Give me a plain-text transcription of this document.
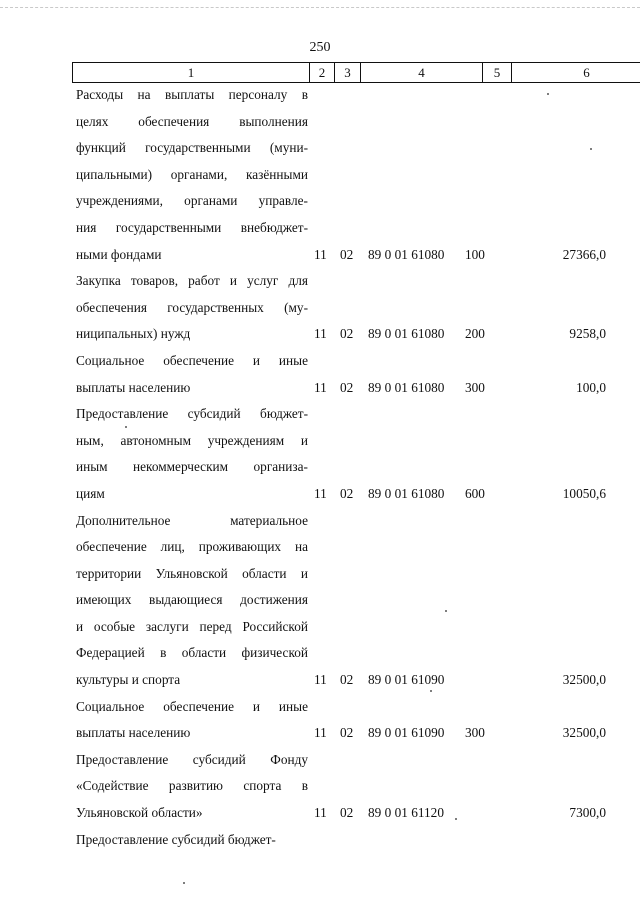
250
1	2	3	4	5	6
Расходы на выплаты персоналу в
целях обеспечения выполнения
функций государственными (муни-
ципальными) органами, казёнными
учреждениями, органами управле-
ния государственными внебюджет-
ными фондами	11 02 89 0 01 61080 100	27366,0
Закупка товаров, работ и услуг для
обеспечения государственных (му-
ниципальных) нужд	11 02 89 0 01 61080 200	9258,0
Социальное обеспечение и иные
выплаты населению	11 02 89 0 01 61080 300	100,0
Предоставление субсидий бюджет-
ным, автономным учреждениям и
иным некоммерческим организа-
циям	11 02 89 0 01 61080 600	10050,6
Дополнительное материальное
обеспечение лиц, проживающих на
территории Ульяновской области и
имеющих выдающиеся достижения
и особые заслуги перед Российской
Федерацией в области физической
культуры и спорта	11 02 89 0 01 61090	32500,0
Социальное обеспечение и иные
выплаты населению	11 02 89 0 01 61090 300	32500,0
Предоставление субсидий Фонду
«Содействие развитию спорта в
Ульяновской области»	11 02 89 0 01 61120	7300,0
Предоставление субсидий бюджет-
